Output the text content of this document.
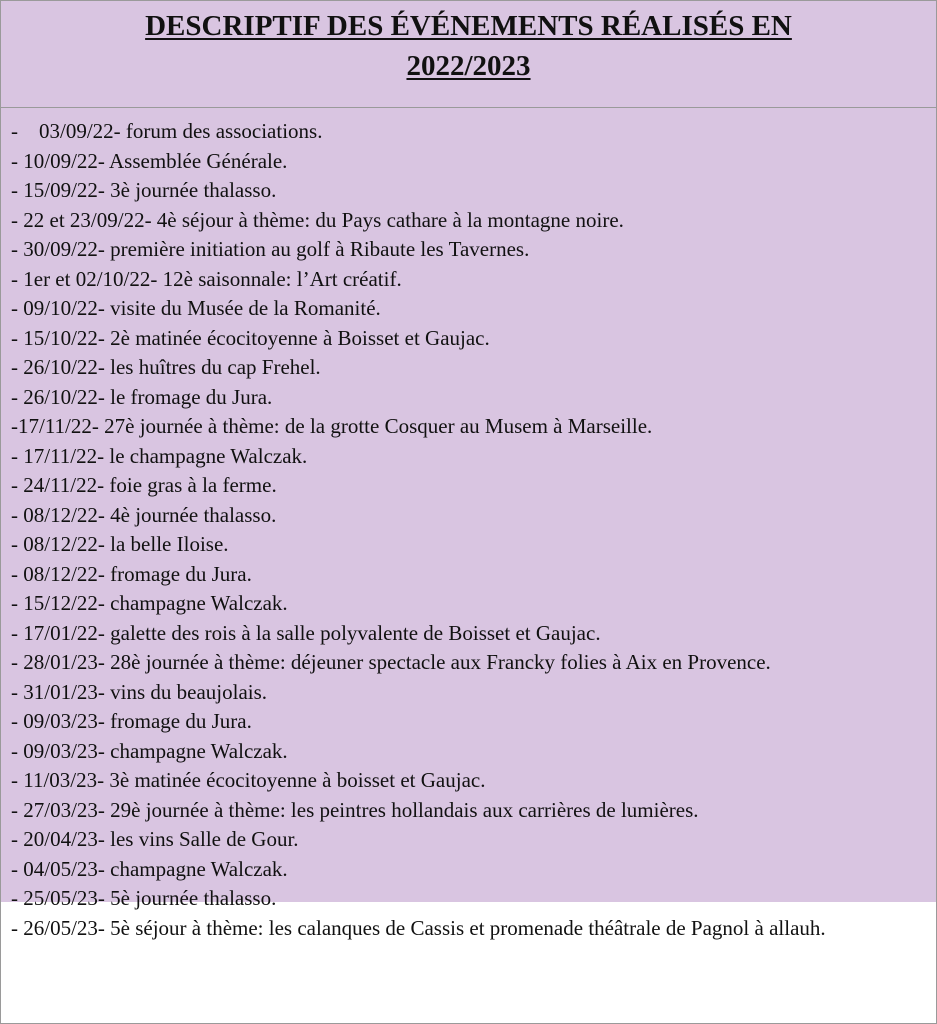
DESCRIPTIF DES ÉVÉNEMENTS RÉALISÉS EN
2022/2023
-    03/09/22- forum des associations.
- 10/09/22- Assemblée Générale.
- 15/09/22- 3è journée thalasso.
- 22 et 23/09/22- 4è séjour à thème: du Pays cathare à la montagne noire.
- 30/09/22- première initiation au golf à Ribaute les Tavernes.
- 1er et 02/10/22- 12è saisonnale: l’Art créatif.
- 09/10/22- visite du Musée de la Romanité.
- 15/10/22- 2è matinée écocitoyenne à Boisset et Gaujac.
- 26/10/22- les huîtres du cap Frehel.
- 26/10/22- le fromage du Jura.
-17/11/22- 27è journée à thème: de la grotte Cosquer au Musem à Marseille.
- 17/11/22- le champagne Walczak.
- 24/11/22- foie gras à la ferme.
- 08/12/22- 4è journée thalasso.
- 08/12/22- la belle Iloise.
- 08/12/22- fromage du Jura.
- 15/12/22- champagne Walczak.
- 17/01/22- galette des rois à la salle polyvalente de Boisset et Gaujac.
- 28/01/23- 28è journée à thème: déjeuner spectacle aux Francky folies à Aix en Provence.
- 31/01/23- vins du beaujolais.
- 09/03/23- fromage du Jura.
- 09/03/23- champagne Walczak.
- 11/03/23- 3è matinée écocitoyenne à boisset et Gaujac.
- 27/03/23- 29è journée à thème: les peintres hollandais aux carrières de lumières.
- 20/04/23- les vins Salle de Gour.
- 04/05/23- champagne Walczak.
- 25/05/23- 5è journée thalasso.
- 26/05/23- 5è séjour à thème: les calanques de Cassis et promenade théâtrale de Pagnol à allauh.
